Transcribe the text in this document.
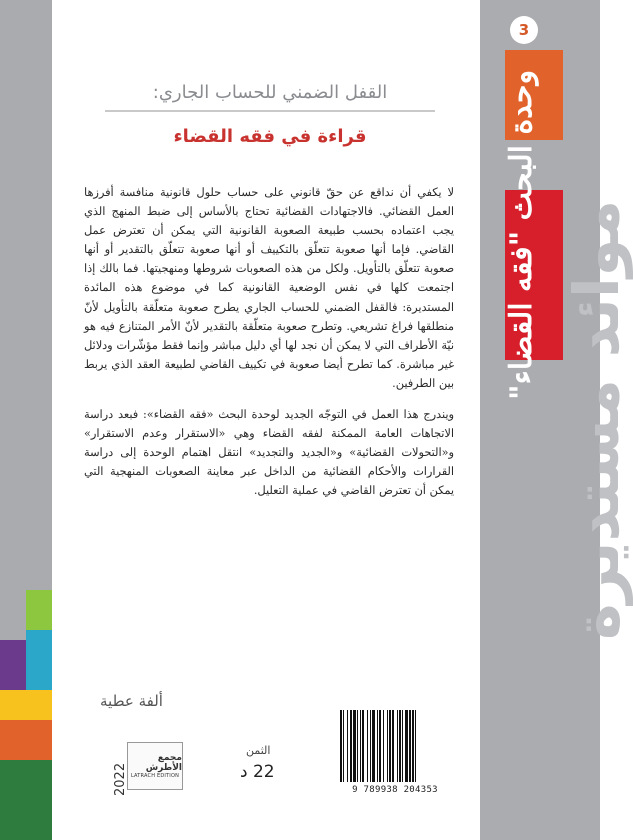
موائد مستديرة
وحدة البحث "فقه القضاء"
3

القفل الضمني للحساب الجاري:

قراءة في فقه القضاء

لا يكفي أن نداقع عن حقّ قانوني على حساب حلول قانونية منافسة أفرزها العمل القضائي. فالاجتهادات القضائية تحتاج بالأساس إلى ضبط المنهج الذي يجب اعتماده بحسب طبيعة الصعوبة القانونية التي يمكن أن تعترض عمل القاضي. فإما أنها صعوبة تتعلّق بالتكييف أو أنها صعوبة تتعلّق بالتقدير أو أنها صعوبة تتعلّق بالتأويل. ولكل من هذه الصعوبات شروطها ومنهجيتها. فما بالك إذا اجتمعت كلها في نفس الوضعية القانونية كما في موضوع هذه المائدة المستديرة: فالقفل الضمني للحساب الجاري يطرح صعوبة متعلّقة بالتأويل لأنّ منطلقها فراغ تشريعي. وتطرح صعوبة متعلّقة بالتقدير لأنّ الأمر المتنازع فيه هو نيّة الأطراف التي لا يمكن أن نجد لها أي دليل مباشر وإنما فقط مؤشّرات ودلائل غير مباشرة. كما تطرح أيضا صعوبة في تكييف القاضي لطبيعة العقد الذي يربط بين الطرفين.

ويندرج هذا العمل في التوجّه الجديد لوحدة البحث «فقه القضاء»: فبعد دراسة الاتجاهات العامة الممكنة لفقه القضاء وهي «الاستقرار وعدم الاستقرار» و«التحولات القضائية» و«الجديد والتجديد» انتقل اهتمام الوحدة إلى دراسة القرارات والأحكام القضائية من الداخل عبر معاينة الصعوبات المنهجية التي يمكن أن تعترض القاضي في عملية التعليل.

ألفة عطية
مجمع الأطرش
LATRACH EDITION
2022
الثمن
22 د
9 789938 204353
